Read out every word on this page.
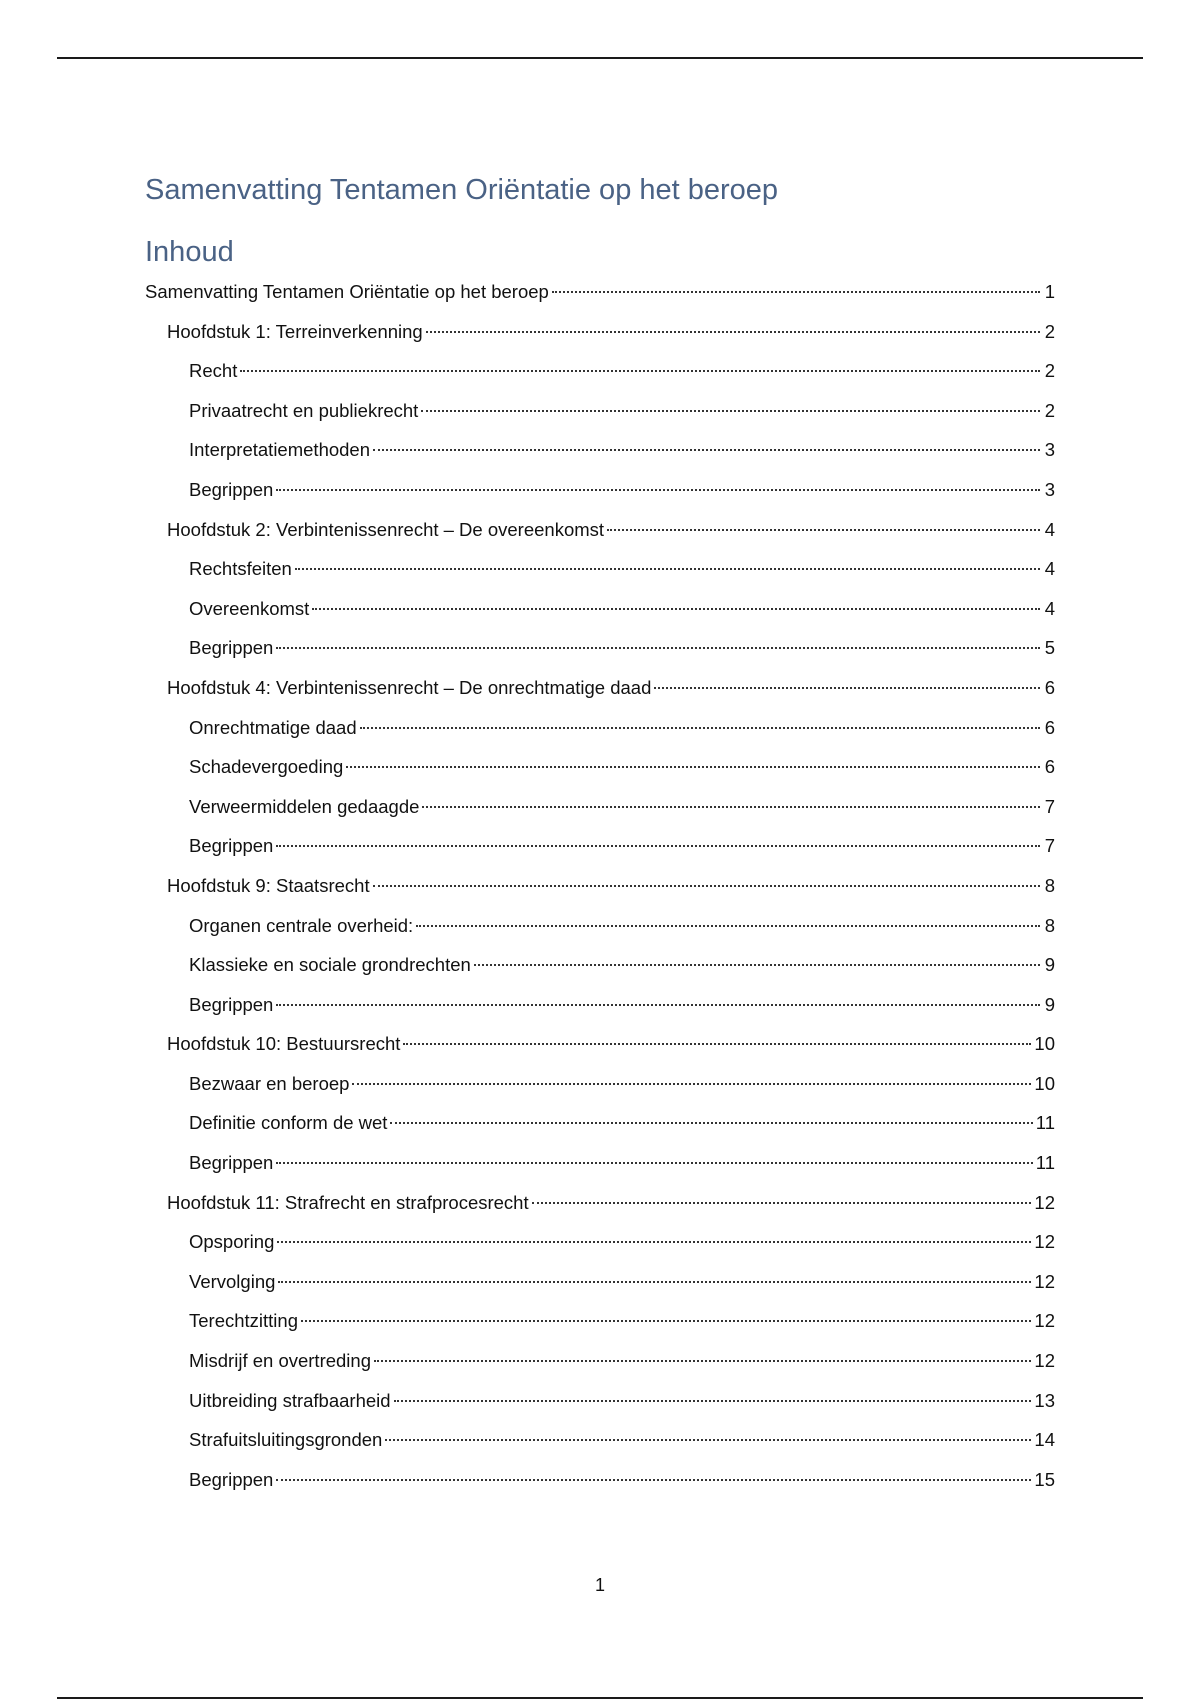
Samenvatting Tentamen Oriëntatie op het beroep
Inhoud
Samenvatting Tentamen Oriëntatie op het beroep	1
Hoofdstuk 1: Terreinverkenning	2
Recht	2
Privaatrecht en publiekrecht	2
Interpretatiemethoden	3
Begrippen	3
Hoofdstuk 2: Verbintenissenrecht – De overeenkomst	4
Rechtsfeiten	4
Overeenkomst	4
Begrippen	5
Hoofdstuk 4: Verbintenissenrecht – De onrechtmatige daad	6
Onrechtmatige daad	6
Schadevergoeding	6
Verweermiddelen gedaagde	7
Begrippen	7
Hoofdstuk 9: Staatsrecht	8
Organen centrale overheid:	8
Klassieke en sociale grondrechten	9
Begrippen	9
Hoofdstuk 10: Bestuursrecht	10
Bezwaar en beroep	10
Definitie conform de wet	11
Begrippen	11
Hoofdstuk 11: Strafrecht en strafprocesrecht	12
Opsporing	12
Vervolging	12
Terechtzitting	12
Misdrijf en overtreding	12
Uitbreiding strafbaarheid	13
Strafuitsluitingsgronden	14
Begrippen	15
1
